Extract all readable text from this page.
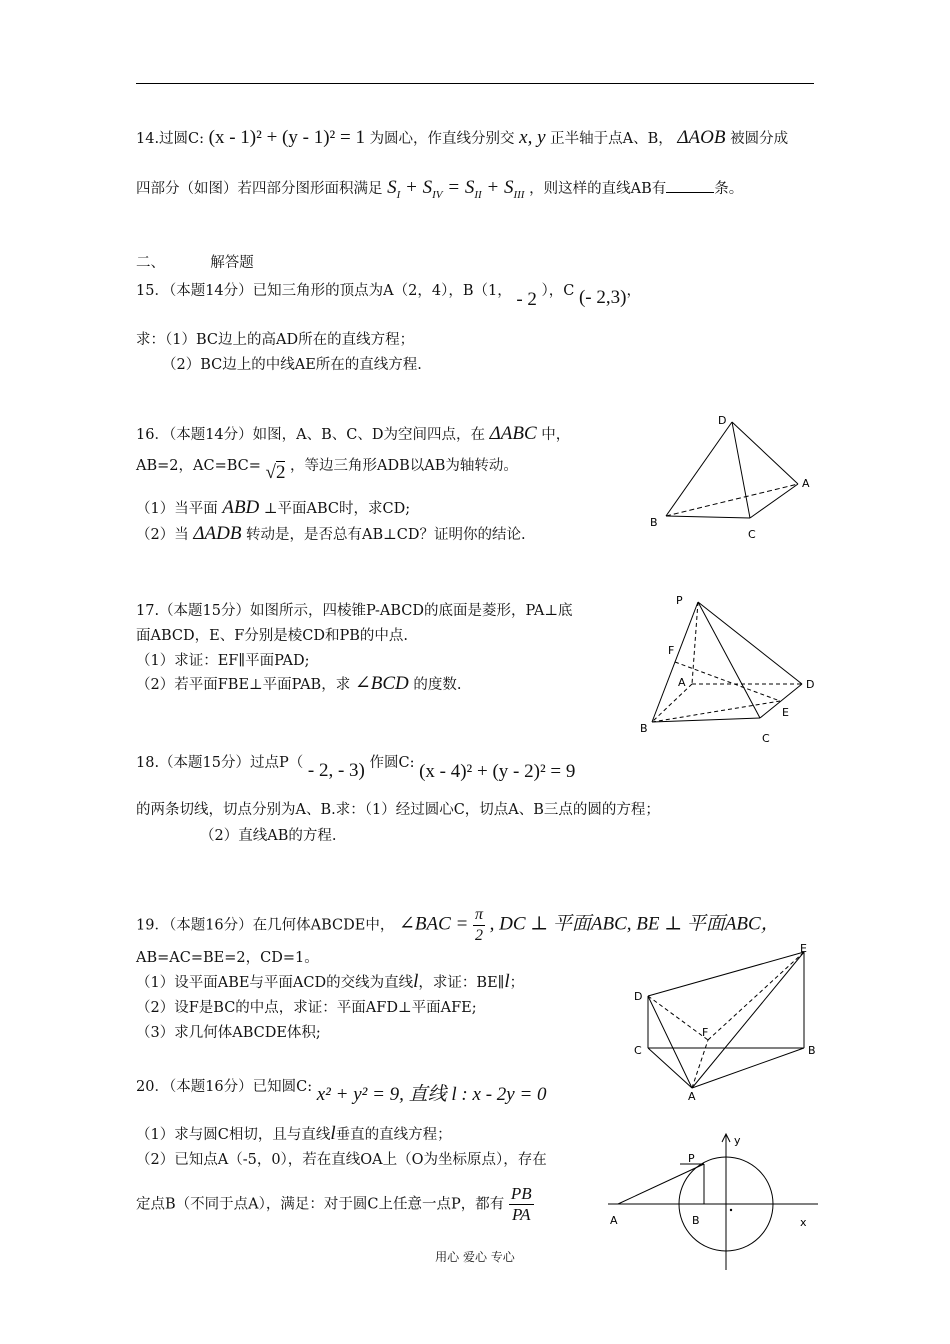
14.过圆C: (x - 1)² + (y - 1)² = 1 为圆心，作直线分别交 x, y 正半轴于点A、B， ΔAOB 被圆分成
四部分（如图）若四部分图形面积满足 $S_I + S_{IV} = S_{II} + S_{III}$ ，则这样的直线AB有	条。
二、	解答题
15．（本题14分）已知三角形的顶点为A（2，4），B（1， - 2 ），C (- 2,3)，
求：（1）BC边上的高AD所在的直线方程；
（2）BC边上的中线AE所在的直线方程.
16．（本题14分）如图，A、B、C、D为空间四点，在 ΔABC 中，
AB=2，AC=BC= √2 ，等边三角形ADB以AB为轴转动。
（1）当平面 ABD ⊥平面ABC时，求CD;
（2）当 ΔADB 转动是，是否总有AB⊥CD？证明你的结论.
D
A
B
C
17.（本题15分）如图所示，四棱锥P-ABCD的底面是菱形，PA⊥底
面ABCD，E、F分别是棱CD和PB的中点.
（1）求证：EF∥平面PAD;
（2）若平面FBE⊥平面PAB，求 ∠BCD 的度数.
P
F
A	D
E
B
C
18.（本题15分）过点P（ - 2, - 3) 作圆C: (x - 4)² + (y - 2)² = 9
的两条切线，切点分别为A、B.求：（1）经过圆心C，切点A、B三点的圆的方程；
（2）直线AB的方程.
19．（本题16分）在几何体ABCDE中， ∠BAC = $\frac{\pi}{2}$ , DC ⊥ 平面ABC, BE ⊥ 平面ABC，
AB=AC=BE=2，CD=1。
（1）设平面ABE与平面ACD的交线为直线l，求证：BE∥l；
（2）设F是BC的中点，求证：平面AFD⊥平面AFE;
（3）求几何体ABCDE体积;
E
D
F
C	B
A
20．（本题16分）已知圆C: x² + y² = 9, 直线 l : x - 2y = 0
（1）求与圆C相切，且与直线l垂直的直线方程；
（2）已知点A（-5，0），若在直线OA上（O为坐标原点），存在
定点B（不同于点A），满足：对于圆C上任意一点P，都有 $\frac{PB}{PA}$
y
P
A	B	x
用心 爱心 专心
